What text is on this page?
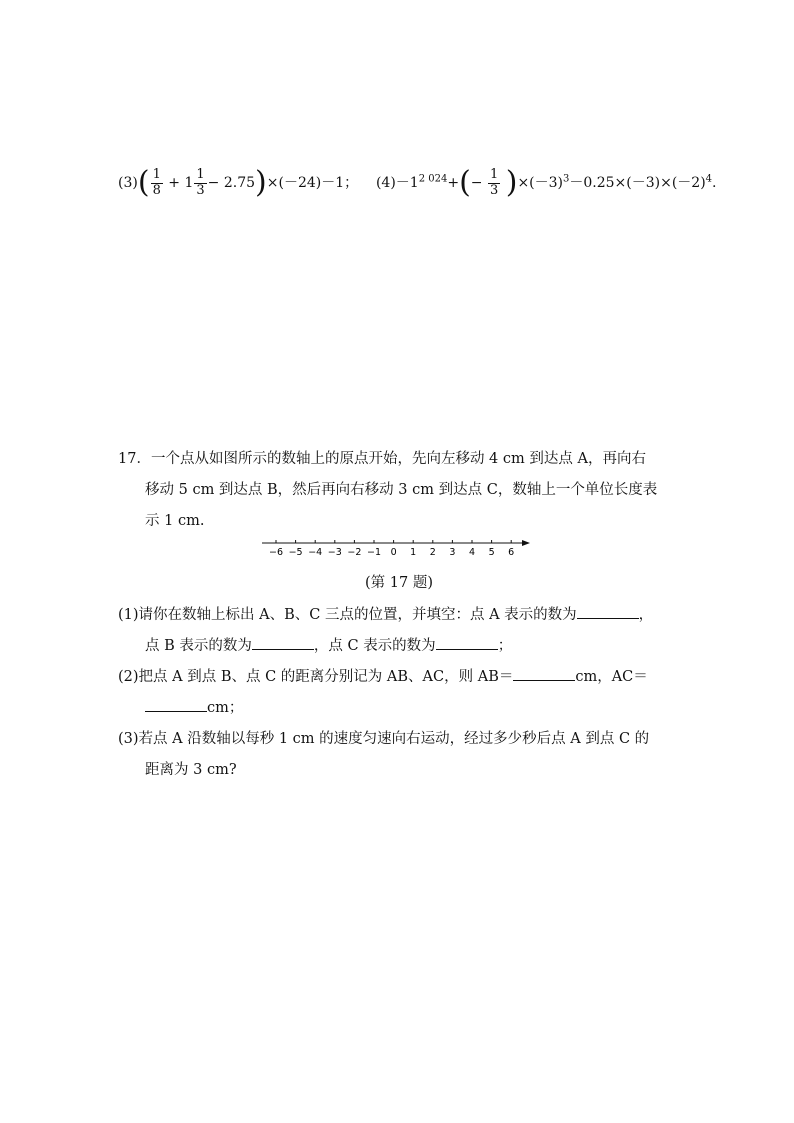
$(3)( \frac{1}{8} + 1 \frac{1}{3} - 2.75)\times(-24)-1$； $(4)-1^{2 024}+(- \frac{1}{3} )\times(-3)^3-0.25\times(-3)\times(-2)^4$.
17．一个点从如图所示的数轴上的原点开始，先向左移动 4 cm 到达点 A，再向右
移动 5 cm 到达点 B，然后再向右移动 3 cm 到达点 C，数轴上一个单位长度表
示 1 cm.
−6 −5 −4 −3 −2 −1 0 1 2 3 4 5 6
(第 17 题)
(1)请你在数轴上标出 A、B、C 三点的位置，并填空：点 A 表示的数为	，
点 B 表示的数为	，点 C 表示的数为	；
(2)把点 A 到点 B、点 C 的距离分别记为 AB、AC，则 AB＝	cm，AC＝
cm；
(3)若点 A 沿数轴以每秒 1 cm 的速度匀速向右运动，经过多少秒后点 A 到点 C 的
距离为 3 cm?
